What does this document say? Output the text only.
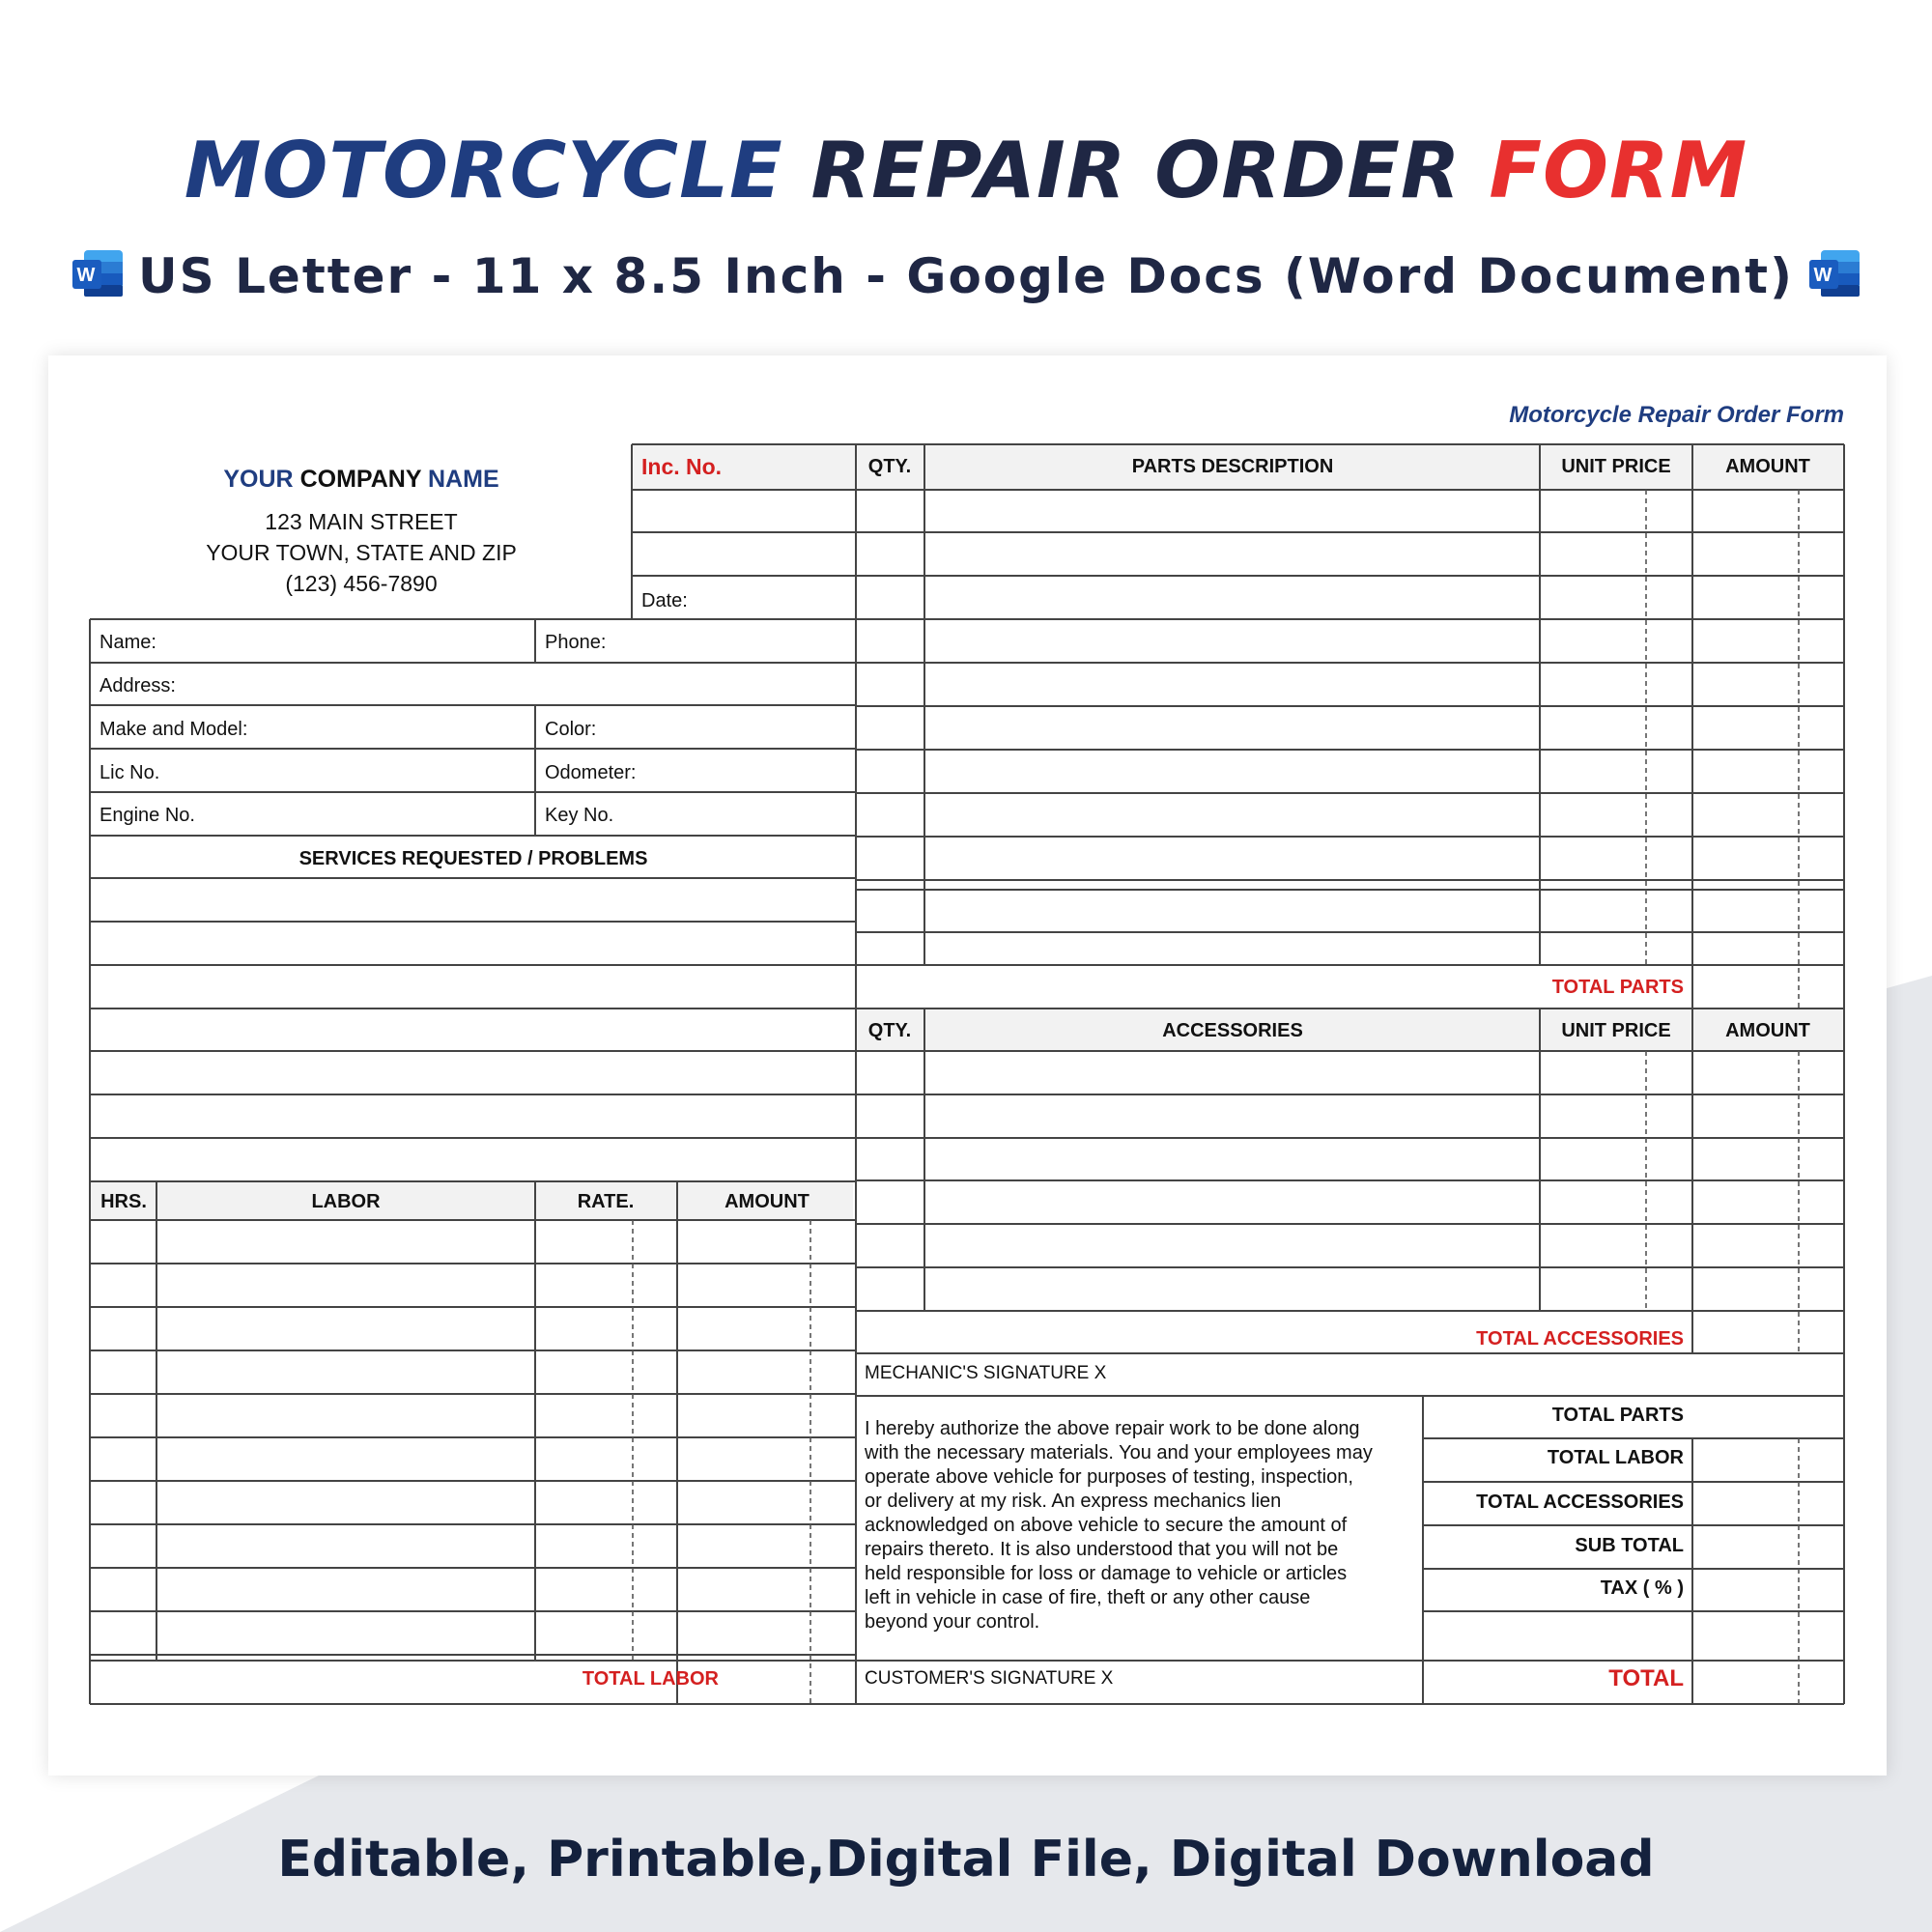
MOTORCYCLE REPAIR ORDER FORM
W US Letter - 11 x 8.5 Inch - Google Docs (Word Document) W
Motorcycle Repair Order Form
YOUR COMPANY NAME
123 MAIN STREET
YOUR TOWN, STATE AND ZIP
(123) 456-7890
Inc. No.
Date:
Name:	Phone:
Address:
Make and Model:	Color:
Lic No.	Odometer:
Engine No.	Key No.
SERVICES REQUESTED / PROBLEMS
QTY.	PARTS DESCRIPTION	UNIT PRICE	AMOUNT
TOTAL PARTS
QTY.	ACCESSORIES	UNIT PRICE	AMOUNT
TOTAL ACCESSORIES
HRS.	LABOR	RATE.	AMOUNT
TOTAL LABOR
MECHANIC'S SIGNATURE X
I hereby authorize the above repair work to be done along
with the necessary materials. You and your employees may
operate above vehicle for purposes of testing, inspection,
or delivery at my risk. An express mechanics lien
acknowledged on above vehicle to secure the amount of
repairs thereto. It is also understood that you will not be
held responsible for loss or damage to vehicle or articles
left in vehicle in case of fire, theft or any other cause
beyond your control.
CUSTOMER'S SIGNATURE X
TOTAL PARTS
TOTAL LABOR
TOTAL ACCESSORIES
SUB TOTAL
TAX ( % )
TOTAL
Editable, Printable,Digital File, Digital Download
